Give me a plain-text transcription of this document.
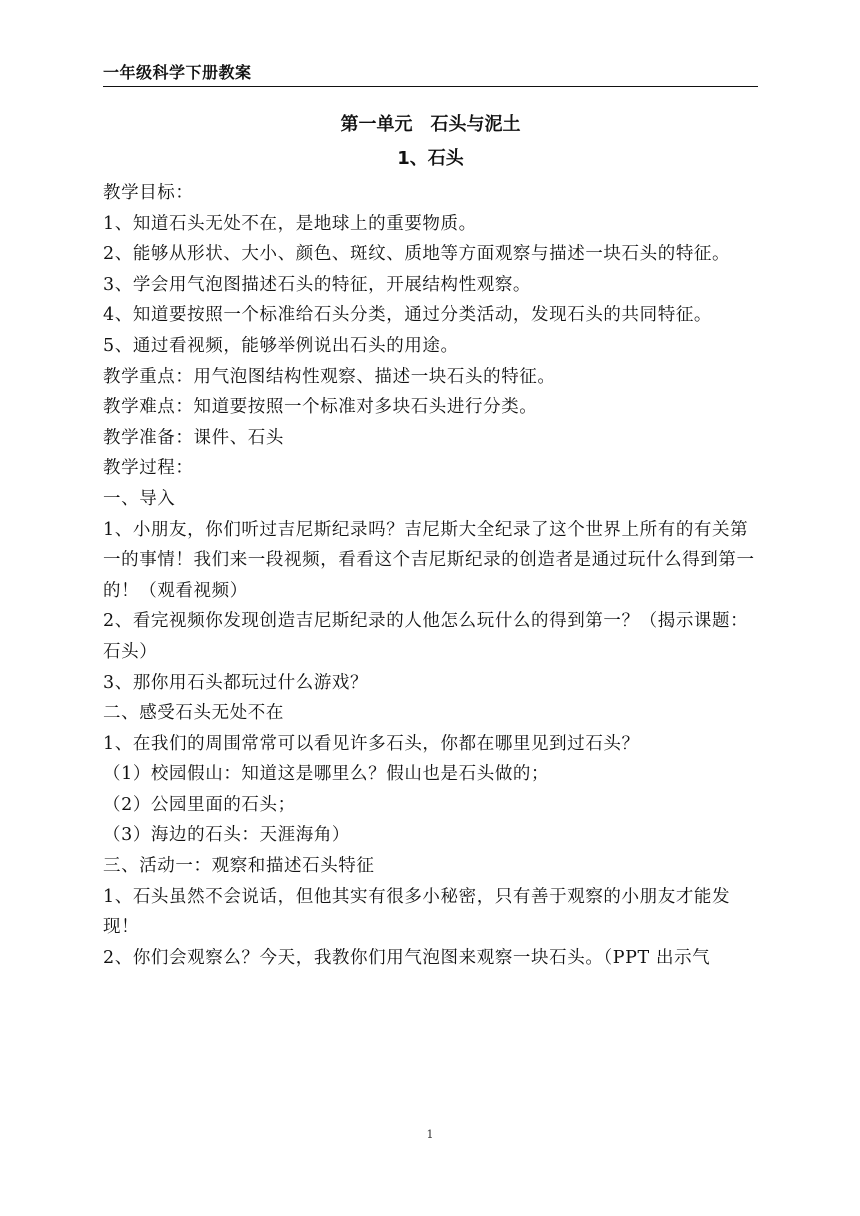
一年级科学下册教案
第一单元　石头与泥土
1、石头

教学目标：

1、知道石头无处不在，是地球上的重要物质。

2、能够从形状、大小、颜色、斑纹、质地等方面观察与描述一块石头的特征。

3、学会用气泡图描述石头的特征，开展结构性观察。

4、知道要按照一个标准给石头分类，通过分类活动，发现石头的共同特征。

5、通过看视频，能够举例说出石头的用途。

教学重点：用气泡图结构性观察、描述一块石头的特征。

教学难点：知道要按照一个标准对多块石头进行分类。

教学准备：课件、石头

教学过程：

一、导入

1、小朋友，你们听过吉尼斯纪录吗？吉尼斯大全纪录了这个世界上所有的有关第一的事情！我们来一段视频，看看这个吉尼斯纪录的创造者是通过玩什么得到第一的！（观看视频）

2、看完视频你发现创造吉尼斯纪录的人他怎么玩什么的得到第一？（揭示课题：石头）

3、那你用石头都玩过什么游戏？

二、感受石头无处不在

1、在我们的周围常常可以看见许多石头，你都在哪里见到过石头？

（1）校园假山：知道这是哪里么？假山也是石头做的；

（2）公园里面的石头；

（3）海边的石头：天涯海角）

三、活动一：观察和描述石头特征

1、石头虽然不会说话，但他其实有很多小秘密，只有善于观察的小朋友才能发现！

2、你们会观察么？今天，我教你们用气泡图来观察一块石头。（PPT 出示气

1
